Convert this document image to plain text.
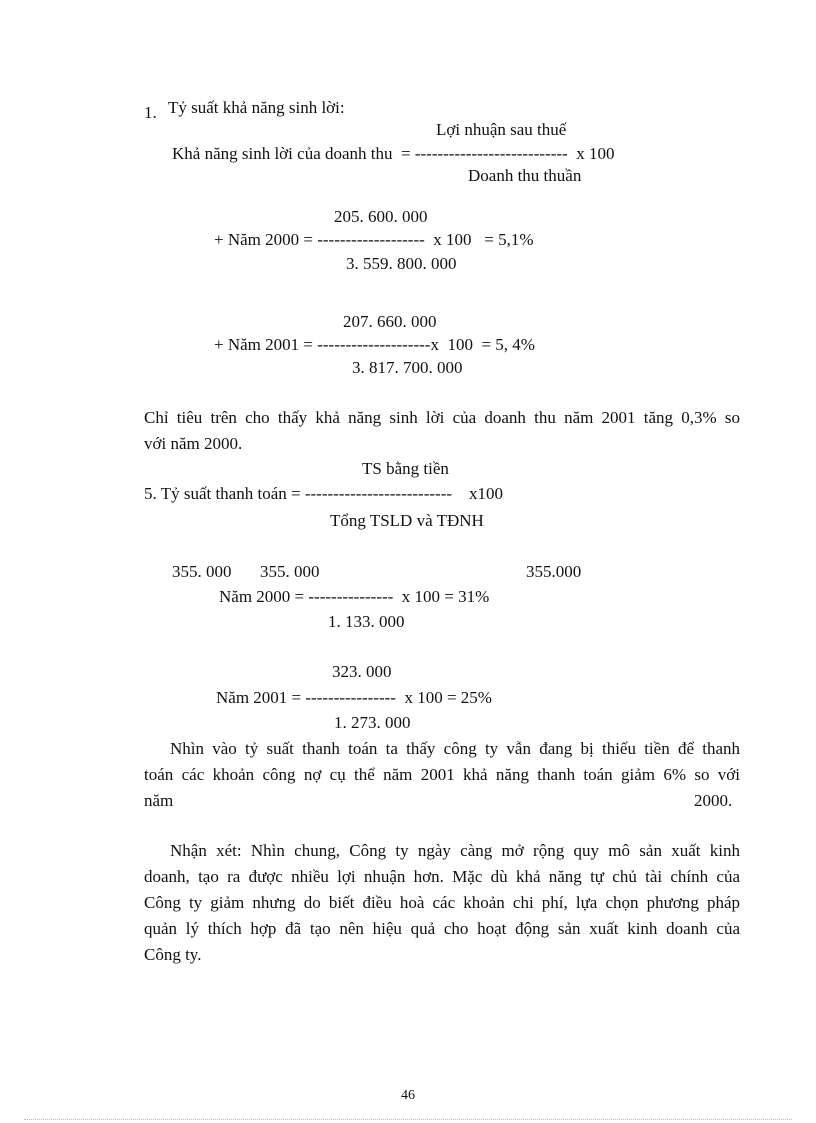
1. Tỷ suất khả năng sinh lời:
Lợi nhuận sau thuế
Khả năng sinh lời của doanh thu  = ---------------------------  x 100
Doanh thu thuần
205. 600. 000
+ Năm 2000 = -------------------  x 100   = 5,1%
3. 559. 800. 000
207. 660. 000
+ Năm 2001 = --------------------x  100  = 5, 4%
3. 817. 700. 000
Chỉ tiêu trên cho thấy khả năng sinh lời của doanh thu năm 2001 tăng 0,3% so
với năm 2000.
TS bằng tiền
5. Tỷ suất thanh toán = --------------------------    x100
Tổng TSLD và TĐNH
355. 000 355. 000	355.000
Năm 2000 = ---------------  x 100 = 31%
1. 133. 000
323. 000
Năm 2001 = ----------------  x 100 = 25%
1. 273. 000
Nhìn vào tỷ suất thanh toán ta thấy công ty vẫn đang bị thiếu tiền để thanh
toán các khoản công nợ cụ thể năm 2001 khả năng thanh toán giảm 6% so với
năm	2000.
Nhận xét: Nhìn chung, Công ty ngày càng mở rộng quy mô sản xuất kinh
doanh, tạo ra được nhiều lợi nhuận hơn. Mặc dù khả năng tự chủ tài chính của
Công ty giảm nhưng do biết điều hoà các khoản chi phí, lựa chọn phương pháp
quản lý thích hợp đã tạo nên hiệu quả cho hoạt động sản xuất kinh doanh của
Công ty.
46
